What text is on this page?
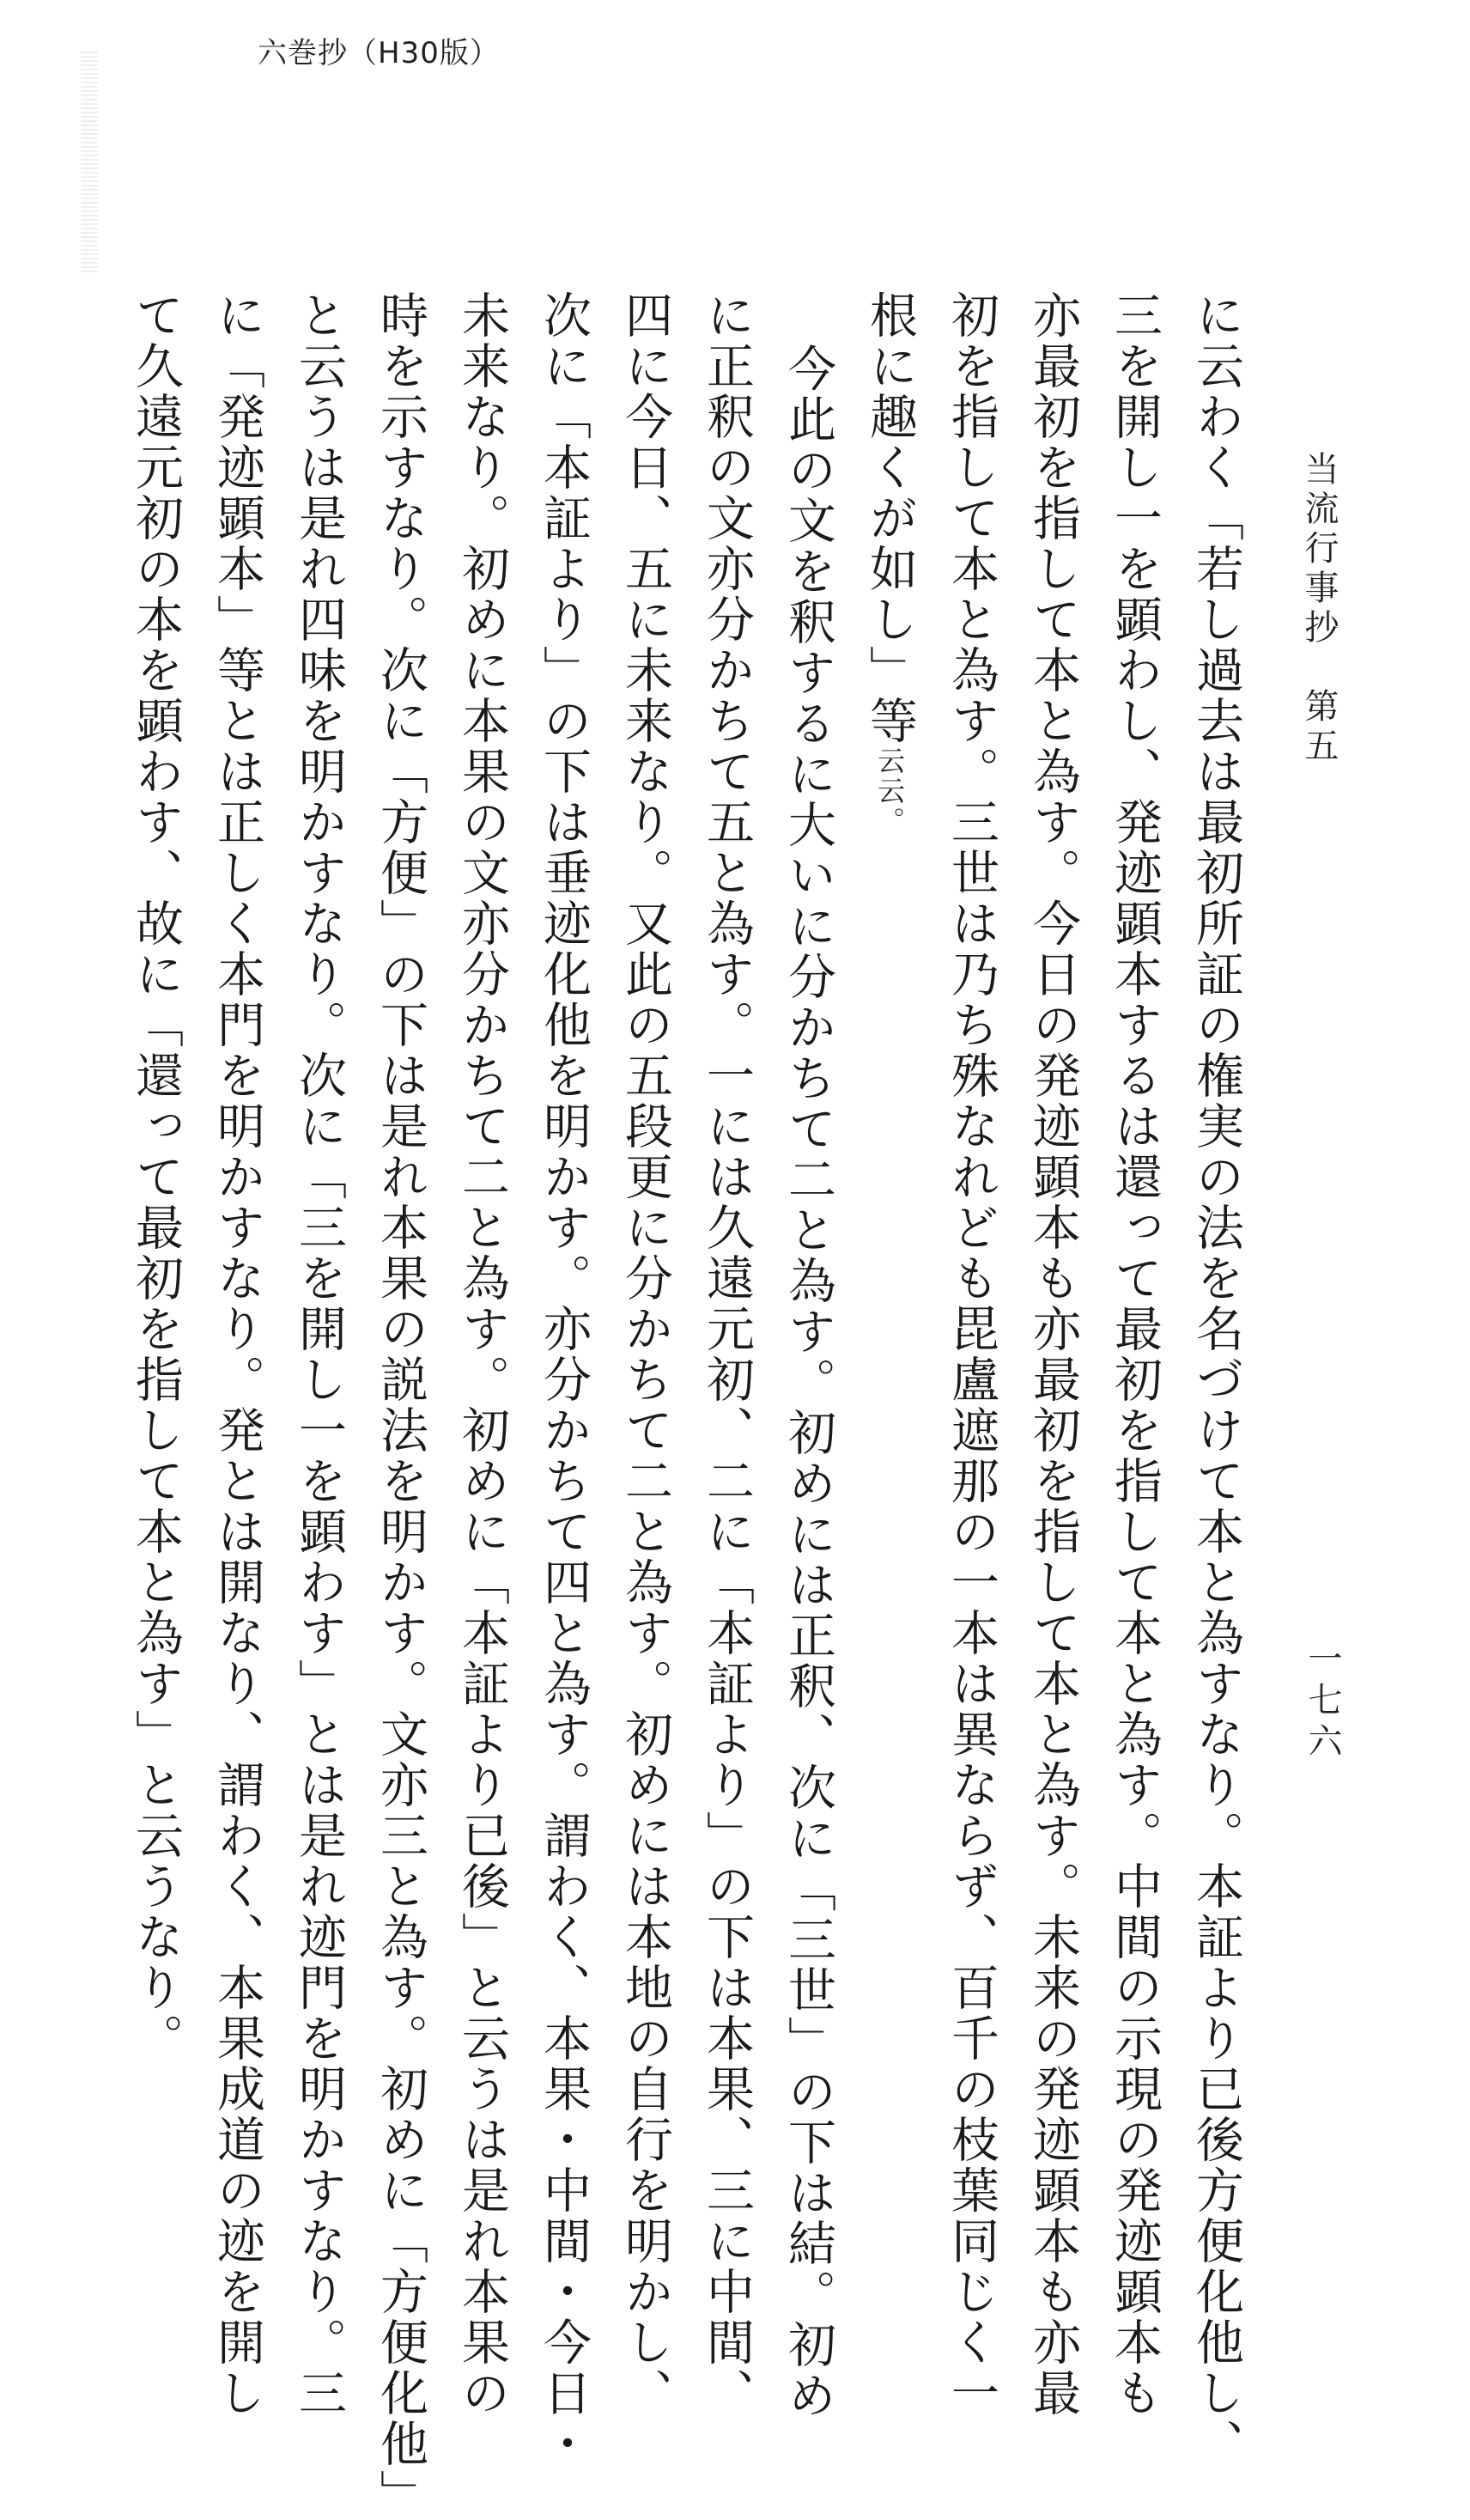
六巻抄（H30版）
当流行事抄　第五
一七六
に云わく「若し過去は最初所証の権実の法を名づけて本と為すなり。本証より已後方便化他し、
三を開し一を顕わし、発迹顕本するは還って最初を指して本と為す。中間の示現の発迹顕本も
亦最初を指して本と為す。今日の発迹顕本も亦最初を指して本と為す。未来の発迹顕本も亦最
初を指して本と為す。三世は乃ち殊なれども毘盧遮那の一本は異ならず、百千の枝葉同じく一
根に趣くが如し」等云云。
今此の文を釈するに大いに分かちて二と為す。初めには正釈、次に「三世」の下は結。初め
に正釈の文亦分かちて五と為す。一には久遠元初、二に「本証より」の下は本果、三に中間、
四に今日、五に未来なり。又此の五段更に分かちて二と為す。初めには本地の自行を明かし、
次に「本証より」の下は垂迹化他を明かす。亦分かちて四と為す。謂わく、本果・中間・今日・
未来なり。初めに本果の文亦分かちて二と為す。初めに「本証より已後」と云うは是れ本果の
時を示すなり。次に「方便」の下は是れ本果の説法を明かす。文亦三と為す。初めに「方便化他」
と云うは是れ四味を明かすなり。次に「三を開し一を顕わす」とは是れ迹門を明かすなり。三
に「発迹顕本」等とは正しく本門を明かすなり。発とは開なり、謂わく、本果成道の迹を開し
て久遠元初の本を顕わす、故に「還って最初を指して本と為す」と云うなり。
